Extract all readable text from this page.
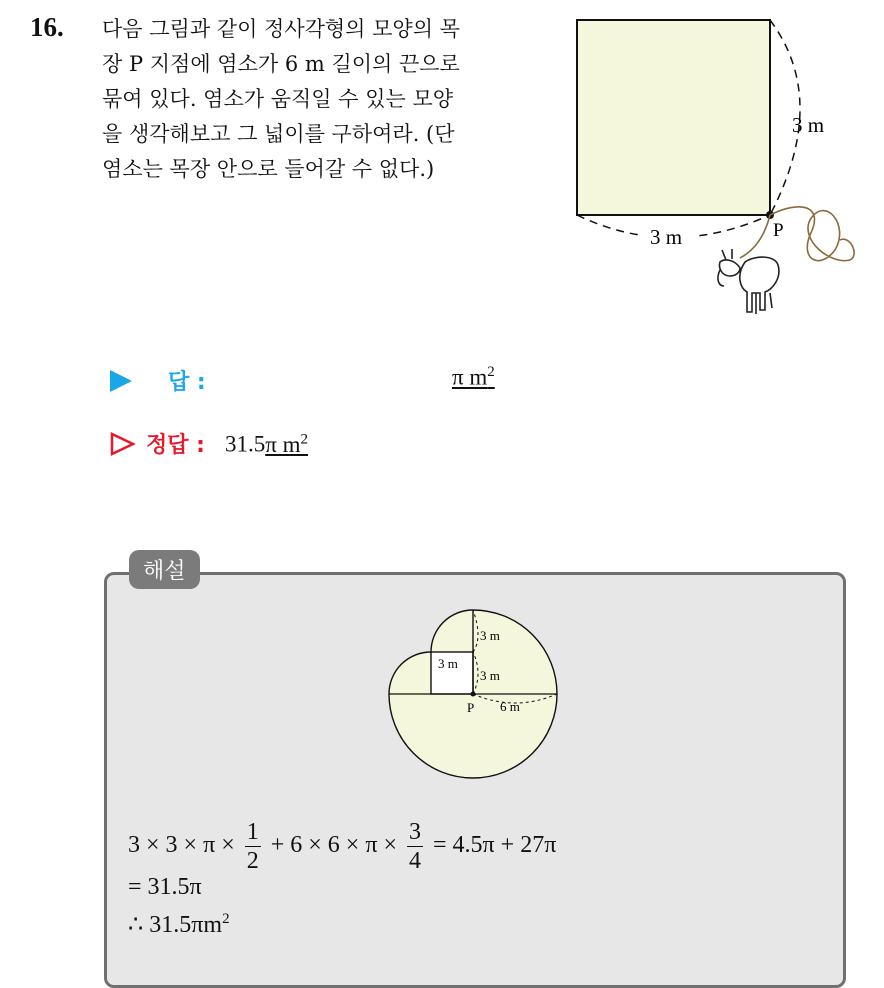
16. 다음 그림과 같이 정사각형의 모양의 목
장 P 지점에 염소가 6 m 길이의 끈으로
묶여 있다. 염소가 움직일 수 있는 모양
을 생각해보고 그 넓이를 구하여라. (단
염소는 목장 안으로 들어갈 수 없다.)

3 m
3 m	P
답 :	π $m^2$
정답 : 31.5π $m^2$
해설
3 m
3 m
3 m
P 6 m
$3 \times 3 \times \pi \times \frac{1}{2} + 6 \times 6 \times \pi \times \frac{3}{4} = 4.5\pi + 27\pi$
= 31.5π
∴ $31.5\pi m^2$
